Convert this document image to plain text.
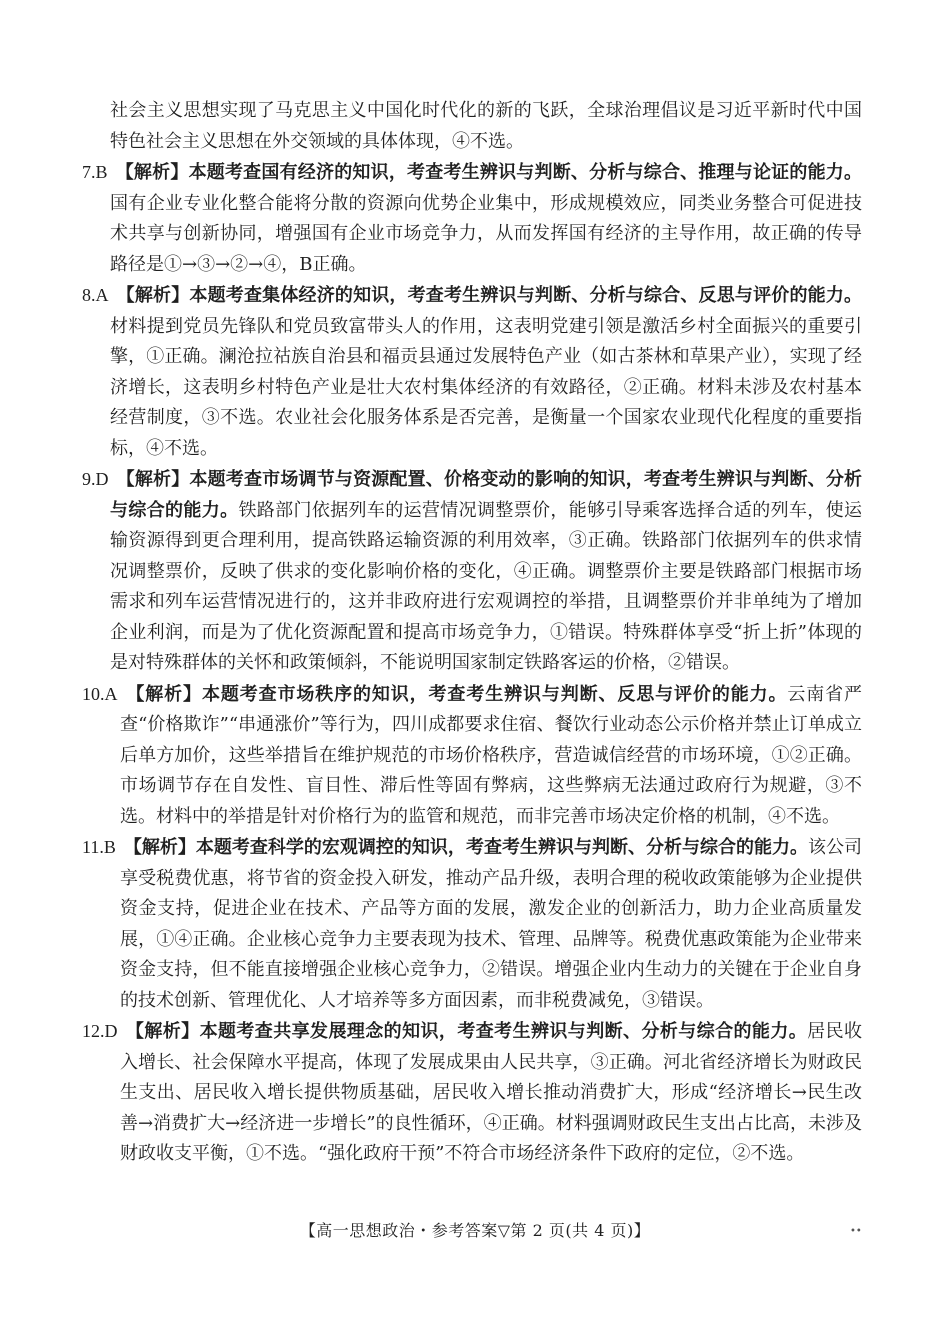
社会主义思想实现了马克思主义中国化时代化的新的飞跃，全球治理倡议是习近平新时代中国特色社会主义思想在外交领域的具体体现，④不选。

7.B 【解析】本题考查国有经济的知识，考查考生辨识与判断、分析与综合、推理与论证的能力。国有企业专业化整合能将分散的资源向优势企业集中，形成规模效应，同类业务整合可促进技术共享与创新协同，增强国有企业市场竞争力，从而发挥国有经济的主导作用，故正确的传导路径是①→③→②→④，B正确。

8.A 【解析】本题考查集体经济的知识，考查考生辨识与判断、分析与综合、反思与评价的能力。材料提到党员先锋队和党员致富带头人的作用，这表明党建引领是激活乡村全面振兴的重要引擎，①正确。澜沧拉祜族自治县和福贡县通过发展特色产业（如古茶林和草果产业），实现了经济增长，这表明乡村特色产业是壮大农村集体经济的有效路径，②正确。材料未涉及农村基本经营制度，③不选。农业社会化服务体系是否完善，是衡量一个国家农业现代化程度的重要指标，④不选。

9.D 【解析】本题考查市场调节与资源配置、价格变动的影响的知识，考查考生辨识与判断、分析与综合的能力。铁路部门依据列车的运营情况调整票价，能够引导乘客选择合适的列车，使运输资源得到更合理利用，提高铁路运输资源的利用效率，③正确。铁路部门依据列车的供求情况调整票价，反映了供求的变化影响价格的变化，④正确。调整票价主要是铁路部门根据市场需求和列车运营情况进行的，这并非政府进行宏观调控的举措，且调整票价并非单纯为了增加企业利润，而是为了优化资源配置和提高市场竞争力，①错误。特殊群体享受“折上折”体现的是对特殊群体的关怀和政策倾斜，不能说明国家制定铁路客运的价格，②错误。

10.A 【解析】本题考查市场秩序的知识，考查考生辨识与判断、反思与评价的能力。云南省严查“价格欺诈”“串通涨价”等行为，四川成都要求住宿、餐饮行业动态公示价格并禁止订单成立后单方加价，这些举措旨在维护规范的市场价格秩序，营造诚信经营的市场环境，①②正确。市场调节存在自发性、盲目性、滞后性等固有弊病，这些弊病无法通过政府行为规避，③不选。材料中的举措是针对价格行为的监管和规范，而非完善市场决定价格的机制，④不选。

11.B 【解析】本题考查科学的宏观调控的知识，考查考生辨识与判断、分析与综合的能力。该公司享受税费优惠，将节省的资金投入研发，推动产品升级，表明合理的税收政策能够为企业提供资金支持，促进企业在技术、产品等方面的发展，激发企业的创新活力，助力企业高质量发展，①④正确。企业核心竞争力主要表现为技术、管理、品牌等。税费优惠政策能为企业带来资金支持，但不能直接增强企业核心竞争力，②错误。增强企业内生动力的关键在于企业自身的技术创新、管理优化、人才培养等多方面因素，而非税费减免，③错误。

12.D 【解析】本题考查共享发展理念的知识，考查考生辨识与判断、分析与综合的能力。居民收入增长、社会保障水平提高，体现了发展成果由人民共享，③正确。河北省经济增长为财政民生支出、居民收入增长提供物质基础，居民收入增长推动消费扩大，形成“经济增长→民生改善→消费扩大→经济进一步增长”的良性循环，④正确。材料强调财政民生支出占比高，未涉及财政收支平衡，①不选。“强化政府干预”不符合市场经济条件下政府的定位，②不选。

【高一思想政治・参考答案▽第 2 页(共 4 页)】	••
